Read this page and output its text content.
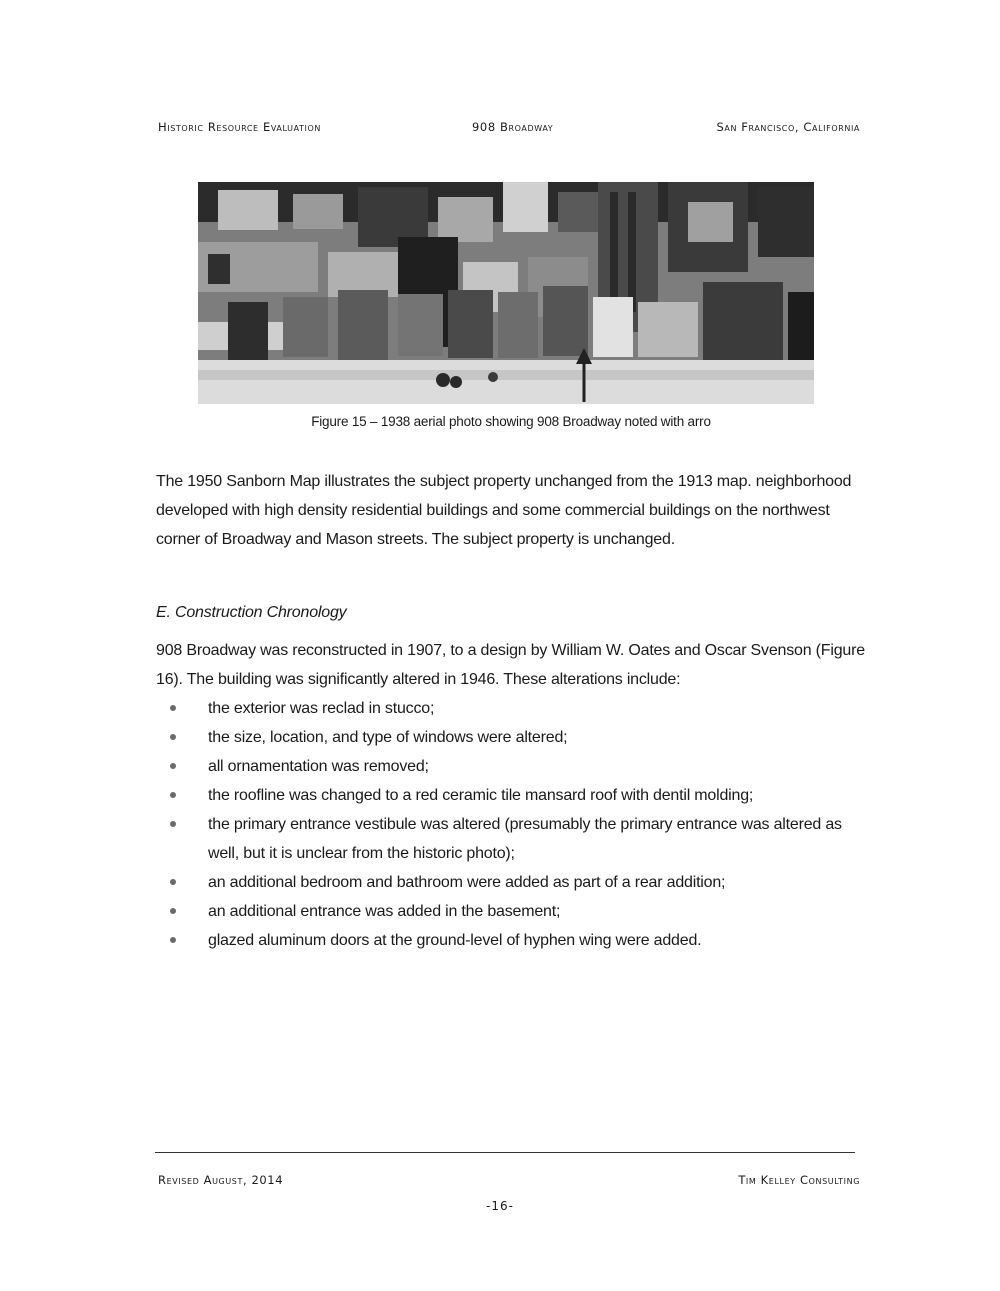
Historic Resource Evaluation	908 Broadway	San Francisco, California
Figure 15 – 1938 aerial photo showing 908 Broadway noted with arro

The 1950 Sanborn Map illustrates the subject property unchanged from the 1913 map. neighborhood developed with high density residential buildings and some commercial buildings on the northwest corner of Broadway and Mason streets. The subject property is unchanged.

E. Construction Chronology

908 Broadway was reconstructed in 1907, to a design by William W. Oates and Oscar Svenson (Figure 16). The building was significantly altered in 1946. These alterations include:

the exterior was reclad in stucco;
the size, location, and type of windows were altered;
all ornamentation was removed;
the roofline was changed to a red ceramic tile mansard roof with dentil molding;
the primary entrance vestibule was altered (presumably the primary entrance was altered as well, but it is unclear from the historic photo);
an additional bedroom and bathroom were added as part of a rear addition;
an additional entrance was added in the basement;
glazed aluminum doors at the ground-level of hyphen wing were added.
Revised August, 2014	Tim Kelley Consulting
-16-
